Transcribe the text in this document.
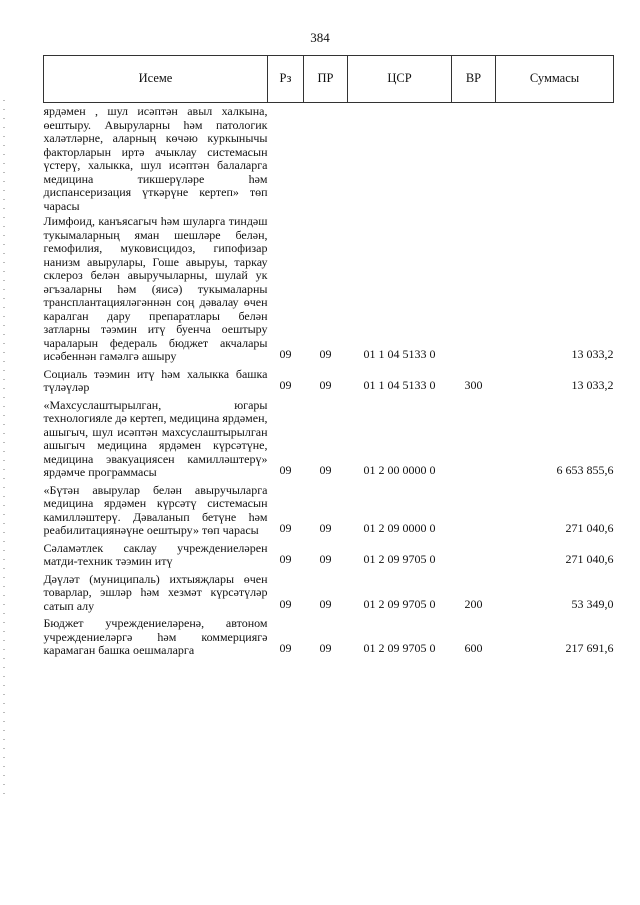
384
Исеме	Рз	ПР	ЦСР	ВР	Суммасы
ярдәмен , шул исәптән авыл халкына, өештыру. Авыруларны һәм патологик халәтләрне, аларның көчәю куркынычы факторларын иртә ачыклау системасын үстерү, халыкка, шул исәптән балаларга медицина тикшерүләре һәм диспансеризация үткәрүне кертеп» төп чарасы					
Лимфоид, канъясагыч һәм шуларга тиндәш тукымаларның яман шешләре белән, гемофилия, муковисцидоз, гипофизар нанизм авырулары, Гоше авыруы, таркау склероз белән авыручыларны, шулай ук әгъзаларны һәм (яисә) тукымаларны трансплантацияләгәннән соң дәвалау өчен каралган дару препаратлары белән затларны тәэмин итү буенча оештыру чараларын федераль бюджет акчалары исәбеннән гамәлгә ашыру	09	09	01 1 04 5133 0		13 033,2
Социаль тәэмин итү һәм халыкка башка түләүләр	09	09	01 1 04 5133 0	300	13 033,2
«Махсуслаштырылган, югары технологияле дә кертеп, медицина ярдәмен, ашыгыч, шул исәптән махсуслаштырылган ашыгыч медицина ярдәмен күрсәтүне, медицина эвакуациясен камилләштерү» ярдәмче программасы	09	09	01 2 00 0000 0		6 653 855,6
«Бүтән авырулар белән авыручыларга медицина ярдәмен күрсәтү системасын камилләштерү. Дәваланып бетүне һәм реабилитациянәүне оештыру» төп чарасы	09	09	01 2 09 0000 0		271 040,6
Сәламәтлек саклау учреждениеләрен матди-техник тәэмин итү	09	09	01 2 09 9705 0		271 040,6
Дәүләт (муниципаль) ихтыяҗлары өчен товарлар, эшләр һәм хезмәт күрсәтүләр сатып алу	09	09	01 2 09 9705 0	200	53 349,0
Бюджет учреждениеләренә, автоном учреждениеләргә һәм коммерциягә карамаган башка оешмаларга	09	09	01 2 09 9705 0	600	217 691,6
